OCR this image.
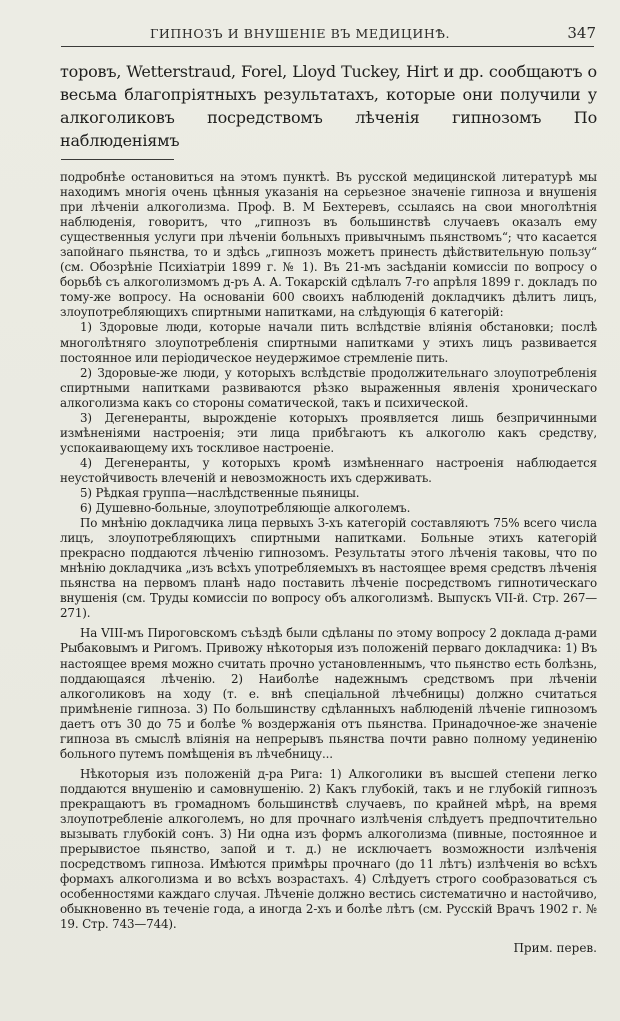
ГИПНОЗЪ И ВНУШЕНIЕ ВЪ МЕДИЦИНѢ.	347

торовъ, Wetterstraud, Forel, Lloyd Tuckey, Hirt и др. сообщаютъ о весьма благопрiятныхъ результатахъ, которые они получили у алкоголиковъ посредствомъ лѣченiя гипнозомъ По наблюденiямъ

подробнѣе остановиться на этомъ пунктѣ. Въ русской медицинской литературѣ мы находимъ многiя очень цѣнныя указанiя на серьезное значенiе гипноза и внушенiя при лѣченiи алкоголизма. Проф. В. М Бехтеревъ, ссылаясь на свои многолѣтнiя наблюденiя, говоритъ, что „гипнозъ въ большинствѣ случаевъ оказалъ ему существенныя услуги при лѣченiи больныхъ привычнымъ пьянствомъ“; что касается запойнаго пьянства, то и здѣсь „гипнозъ можетъ принесть дѣйствительную пользу“ (см. Обозрѣнiе Психiатрiи 1899 г. № 1). Въ 21-мъ засѣданiи комиссiи по вопросу о борьбѣ съ алкоголизмомъ д-ръ А. А. Токарскiй сдѣлалъ 7-го апрѣля 1899 г. докладъ по тому-же вопросу. На основанiи 600 своихъ наблюденiй докладчикъ дѣлитъ лицъ, злоупотребляющихъ спиртными напитками, на слѣдующiя 6 категорiй:

1) Здоровые люди, которые начали пить вслѣдствiе влiянiя обстановки; послѣ многолѣтняго злоупотребленiя спиртными напитками у этихъ лицъ развивается постоянное или перiодическое неудержимое стремленiе пить.

2) Здоровые-же люди, у которыхъ вслѣдствiе продолжительнаго злоупотребленiя спиртными напитками развиваются рѣзко выраженныя явленiя хроническаго алкоголизма какъ со стороны соматической, такъ и психической.

3) Дегенеранты, вырожденiе которыхъ проявляется лишь безпричинными измѣненiями настроенiя; эти лица прибѣгаютъ къ алкоголю какъ средству, успокаивающему ихъ тоскливое настроенiе.

4) Дегенеранты, у которыхъ кромѣ измѣненнаго настроенiя наблюдается неустойчивость влеченiй и невозможность ихъ сдерживать.

5) Рѣдкая группа—наслѣдственные пьяницы.

6) Душевно-больные, злоупотребляющiе алкоголемъ.

По мнѣнiю докладчика лица первыхъ 3-хъ категорiй составляютъ 75% всего числа лицъ, злоупотребляющихъ спиртными напитками. Больные этихъ категорiй прекрасно поддаются лѣченiю гипнозомъ. Результаты этого лѣченiя таковы, что по мнѣнiю докладчика „изъ всѣхъ употребляемыхъ въ настоящее время средствъ лѣченiя пьянства на первомъ планѣ надо поставить лѣченiе посредствомъ гипнотическаго внушенiя (см. Труды комиссiи по вопросу объ алкоголизмѣ. Выпускъ VII-й. Стр. 267—271).

На VIII-мъ Пироговскомъ съѣздѣ были сдѣланы по этому вопросу 2 доклада д-рами Рыбаковымъ и Ригомъ. Привожу нѣкоторыя изъ положенiй перваго докладчика: 1) Въ настоящее время можно считать прочно установленнымъ, что пьянство есть болѣзнь, поддающаяся лѣченiю. 2) Наиболѣе надежнымъ средствомъ при лѣченiи алкоголиковъ на ходу (т. е. внѣ спецiальной лѣчебницы) должно считаться примѣненiе гипноза. 3) По большинству сдѣланныхъ наблюденiй лѣченiе гипнозомъ даетъ отъ 30 до 75 и болѣе % воздержанiя отъ пьянства. Принадочное-же значенiе гипноза въ смыслѣ влiянiя на непрерывъ пьянства почти равно полному уединенiю больного путемъ помѣщенiя въ лѣчебницу...

Нѣкоторыя изъ положенiй д-ра Рига: 1) Алкоголики въ высшей степени легко поддаются внушенiю и самовнушенiю. 2) Какъ глубокiй, такъ и не глубокiй гипнозъ прекращаютъ въ громадномъ большинствѣ случаевъ, по крайней мѣрѣ, на время злоупотребленiе алкоголемъ, но для прочнаго излѣченiя слѣдуетъ предпочтительно вызывать глубокiй сонъ. 3) Ни одна изъ формъ алкоголизма (пивные, постоянное и прерывистое пьянство, запой и т. д.) не исключаетъ возможности излѣченiя посредствомъ гипноза. Имѣются примѣры прочнаго (до 11 лѣтъ) излѣченiя во всѣхъ формахъ алкоголизма и во всѣхъ возрастахъ. 4) Слѣдуетъ строго сообразоваться съ особенностями каждаго случая. Лѣченiе должно вестись систематично и настойчиво, обыкновенно въ теченiе года, а иногда 2-хъ и болѣе лѣтъ (см. Русскiй Врачъ 1902 г. № 19. Стр. 743—744).

Прим. перев.
